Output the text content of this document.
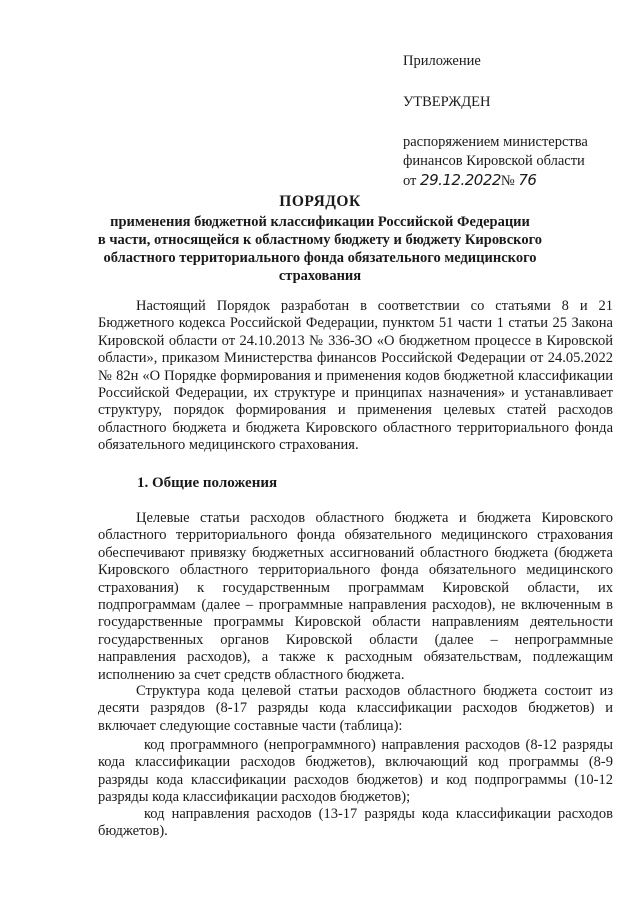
Приложение
УТВЕРЖДЕН
распоряжением министерства
финансов Кировской области
от 29.12.2022№ 76
ПОРЯДОК
применения бюджетной классификации Российской Федерации
в части, относящейся к областному бюджету и бюджету Кировского
областного территориального фонда обязательного медицинского
страхования

Настоящий Порядок разработан в соответствии со статьями 8 и 21 Бюджетного кодекса Российской Федерации, пунктом 51 части 1 статьи 25 Закона Кировской области от 24.10.2013 № 336-ЗО «О бюджетном процессе в Кировской области», приказом Министерства финансов Российской Федерации от 24.05.2022 № 82н «О Порядке формирования и применения кодов бюджетной классификации Российской Федерации, их структуре и принципах назначения» и устанавливает структуру, порядок формирования и применения целевых статей расходов областного бюджета и бюджета Кировского областного территориального фонда обязательного медицинского страхования.

1. Общие положения

Целевые статьи расходов областного бюджета и бюджета Кировского областного территориального фонда обязательного медицинского страхования обеспечивают привязку бюджетных ассигнований областного бюджета (бюджета Кировского областного территориального фонда обязательного медицинского страхования) к государственным программам Кировской области, их подпрограммам (далее – программные направления расходов), не включенным в государственные программы Кировской области направлениям деятельности государственных органов Кировской области (далее – непрограммные направления расходов), а также к расходным обязательствам, подлежащим исполнению за счет средств областного бюджета.

Структура кода целевой статьи расходов областного бюджета состоит из десяти разрядов (8-17 разряды кода классификации расходов бюджетов) и включает следующие составные части (таблица):

код программного (непрограммного) направления расходов (8-12 разряды кода классификации расходов бюджетов), включающий код программы (8-9 разряды кода классификации расходов бюджетов) и код подпрограммы (10-12 разряды кода классификации расходов бюджетов);

код направления расходов (13-17 разряды кода классификации расходов бюджетов).
